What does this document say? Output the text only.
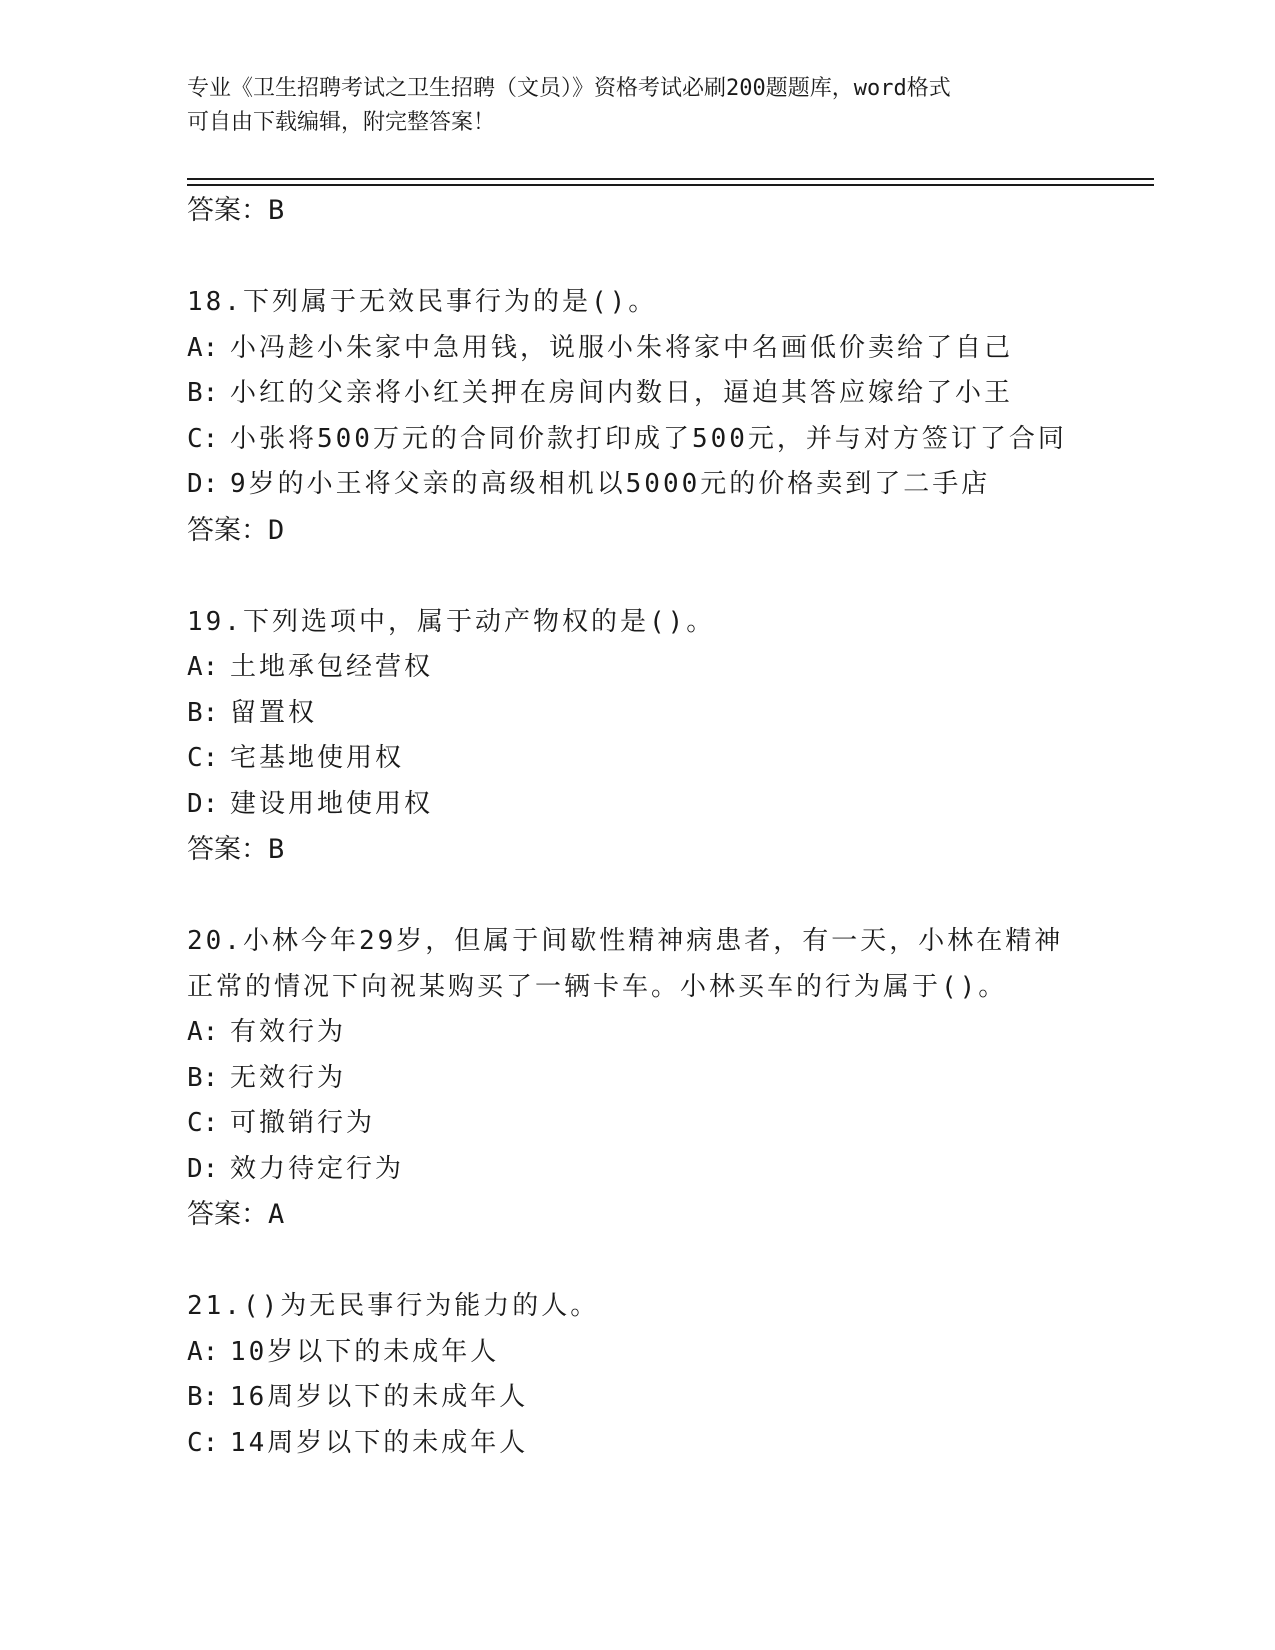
专业《卫生招聘考试之卫生招聘（文员）》资格考试必刷200题题库，word格式
可自由下载编辑，附完整答案！

答案：B

18.下列属于无效民事行为的是()。

A: 小冯趁小朱家中急用钱，说服小朱将家中名画低价卖给了自己

B: 小红的父亲将小红关押在房间内数日，逼迫其答应嫁给了小王

C: 小张将500万元的合同价款打印成了500元，并与对方签订了合同

D: 9岁的小王将父亲的高级相机以5000元的价格卖到了二手店

答案：D

19.下列选项中，属于动产物权的是()。

A: 土地承包经营权

B: 留置权

C: 宅基地使用权

D: 建设用地使用权

答案：B

20.小林今年29岁，但属于间歇性精神病患者，有一天，小林在精神

正常的情况下向祝某购买了一辆卡车。小林买车的行为属于()。

A: 有效行为

B: 无效行为

C: 可撤销行为

D: 效力待定行为

答案：A

21.()为无民事行为能力的人。

A: 10岁以下的未成年人

B: 16周岁以下的未成年人

C: 14周岁以下的未成年人
